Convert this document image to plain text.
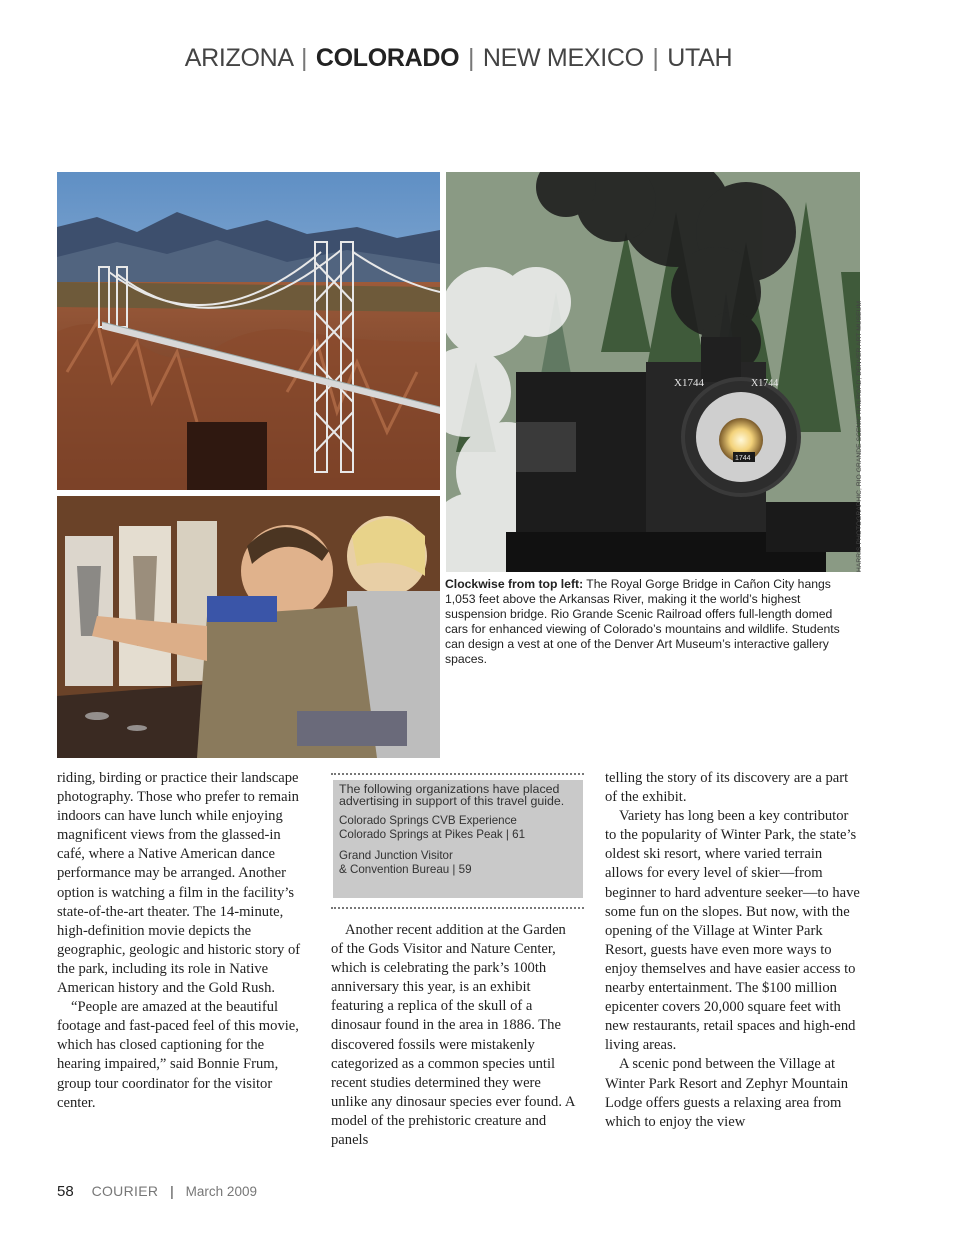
ARIZONA | COLORADO | NEW MEXICO | UTAH
X1744	X1744
1744	HARRIS PHOTOGRAPHIC, RIO GRANDE SCENIC RAILROAD, DENVER ART MUSEUM
Clockwise from top left: The Royal Gorge Bridge in Cañon City hangs 1,053 feet above the Arkansas River, making it the world’s highest suspension bridge. Rio Grande Scenic Railroad offers full-length domed cars for enhanced viewing of Colorado’s mountains and wildlife. Students can design a vest at one of the Denver Art Museum’s interactive gallery spaces.

riding, birding or practice their landscape photography. Those who prefer to remain indoors can have lunch while enjoying magnificent views from the glassed-in café, where a Native American dance performance may be arranged. Another option is watching a film in the facility’s state-of-the-art theater. The 14-minute, high-definition movie depicts the geographic, geologic and historic story of the park, including its role in Native American history and the Gold Rush.

“People are amazed at the beautiful footage and fast-paced feel of this movie, which has closed captioning for the hearing impaired,” said Bonnie Frum, group tour coordinator for the visitor center.

The following organizations have placed advertising in support of this travel guide.
Colorado Springs CVB Experience
Colorado Springs at Pikes Peak | 61
Grand Junction Visitor
& Convention Bureau | 59

Another recent addition at the Garden of the Gods Visitor and Nature Center, which is celebrating the park’s 100th anniversary this year, is an exhibit featuring a replica of the skull of a dinosaur found in the area in 1886. The discovered fossils were mistakenly categorized as a common species until recent studies determined they were unlike any dinosaur species ever found. A model of the prehistoric creature and panels

telling the story of its discovery are a part of the exhibit.

Variety has long been a key contributor to the popularity of Winter Park, the state’s oldest ski resort, where varied terrain allows for every level of skier—from beginner to hard adventure seeker—to have some fun on the slopes. But now, with the opening of the Village at Winter Park Resort, guests have even more ways to enjoy themselves and have easier access to nearby entertainment. The $100 million epicenter covers 20,000 square feet with new restaurants, retail spaces and high-end living areas.

A scenic pond between the Village at Winter Park Resort and Zephyr Mountain Lodge offers guests a relaxing area from which to enjoy the view

58 COURIER | March 2009
